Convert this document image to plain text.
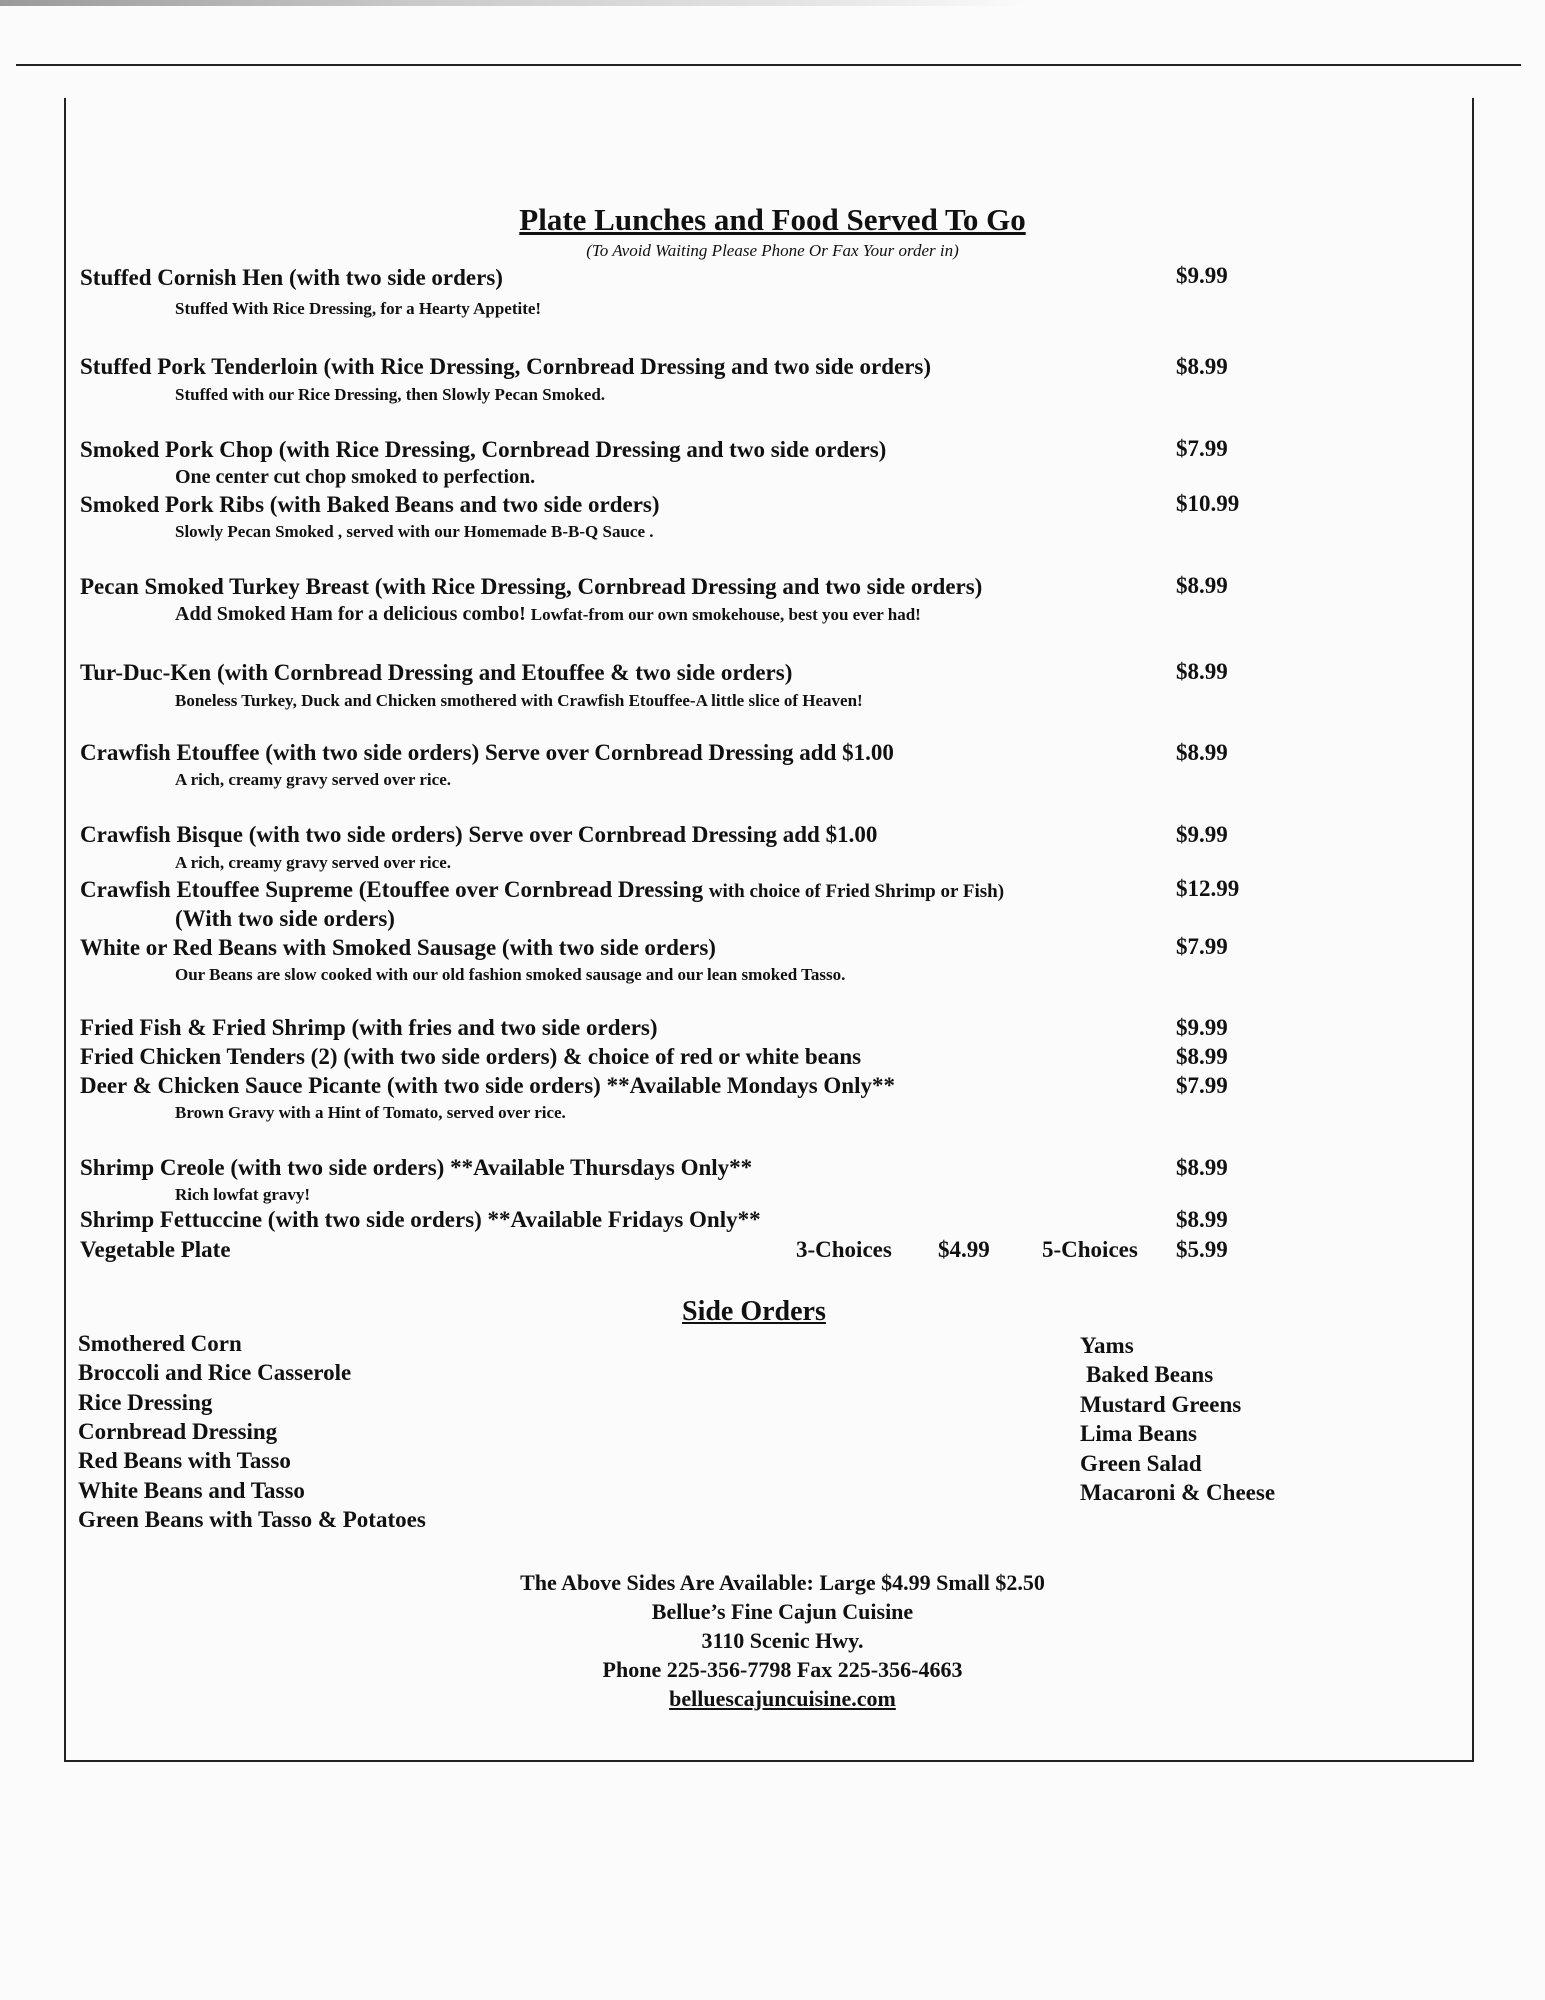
Plate Lunches and Food Served To Go
(To Avoid Waiting Please Phone Or Fax Your order in)
Stuffed Cornish Hen (with two side orders)	$9.99
Stuffed With Rice Dressing, for a Hearty Appetite!
Stuffed Pork Tenderloin (with Rice Dressing, Cornbread Dressing and two side orders)	$8.99
Stuffed with our Rice Dressing, then Slowly Pecan Smoked.
Smoked Pork Chop (with Rice Dressing, Cornbread Dressing and two side orders)	$7.99
One center cut chop smoked to perfection.
Smoked Pork Ribs (with Baked Beans and two side orders)	$10.99
Slowly Pecan Smoked , served with our Homemade B-B-Q Sauce .
Pecan Smoked Turkey Breast (with Rice Dressing, Cornbread Dressing and two side orders)	$8.99
Add Smoked Ham for a delicious combo! Lowfat-from our own smokehouse, best you ever had!
Tur-Duc-Ken (with Cornbread Dressing and Etouffee & two side orders)	$8.99
Boneless Turkey, Duck and Chicken smothered with Crawfish Etouffee-A little slice of Heaven!
Crawfish Etouffee (with two side orders) Serve over Cornbread Dressing add $1.00	$8.99
A rich, creamy gravy served over rice.
Crawfish Bisque (with two side orders) Serve over Cornbread Dressing add $1.00	$9.99
A rich, creamy gravy served over rice.
Crawfish Etouffee Supreme (Etouffee over Cornbread Dressing with choice of Fried Shrimp or Fish)	$12.99
(With two side orders)
White or Red Beans with Smoked Sausage (with two side orders)	$7.99
Our Beans are slow cooked with our old fashion smoked sausage and our lean smoked Tasso.
Fried Fish & Fried Shrimp (with fries and two side orders)	$9.99
Fried Chicken Tenders (2) (with two side orders) & choice of red or white beans	$8.99
Deer & Chicken Sauce Picante (with two side orders) **Available Mondays Only**	$7.99
Brown Gravy with a Hint of Tomato, served over rice.
Shrimp Creole (with two side orders) **Available Thursdays Only**	$8.99
Rich lowfat gravy!
Shrimp Fettuccine (with two side orders) **Available Fridays Only**	$8.99
Vegetable Plate	3-Choices $4.99 5-Choices $5.99
Side Orders
Smothered Corn
Broccoli and Rice Casserole
Rice Dressing
Cornbread Dressing
Red Beans with Tasso
White Beans and Tasso
Green Beans with Tasso & Potatoes
Yams
Baked Beans
Mustard Greens
Lima Beans
Green Salad
Macaroni & Cheese
The Above Sides Are Available: Large $4.99 Small $2.50
Bellue’s Fine Cajun Cuisine
3110 Scenic Hwy.
Phone 225-356-7798 Fax 225-356-4663
belluescajuncuisine.com
